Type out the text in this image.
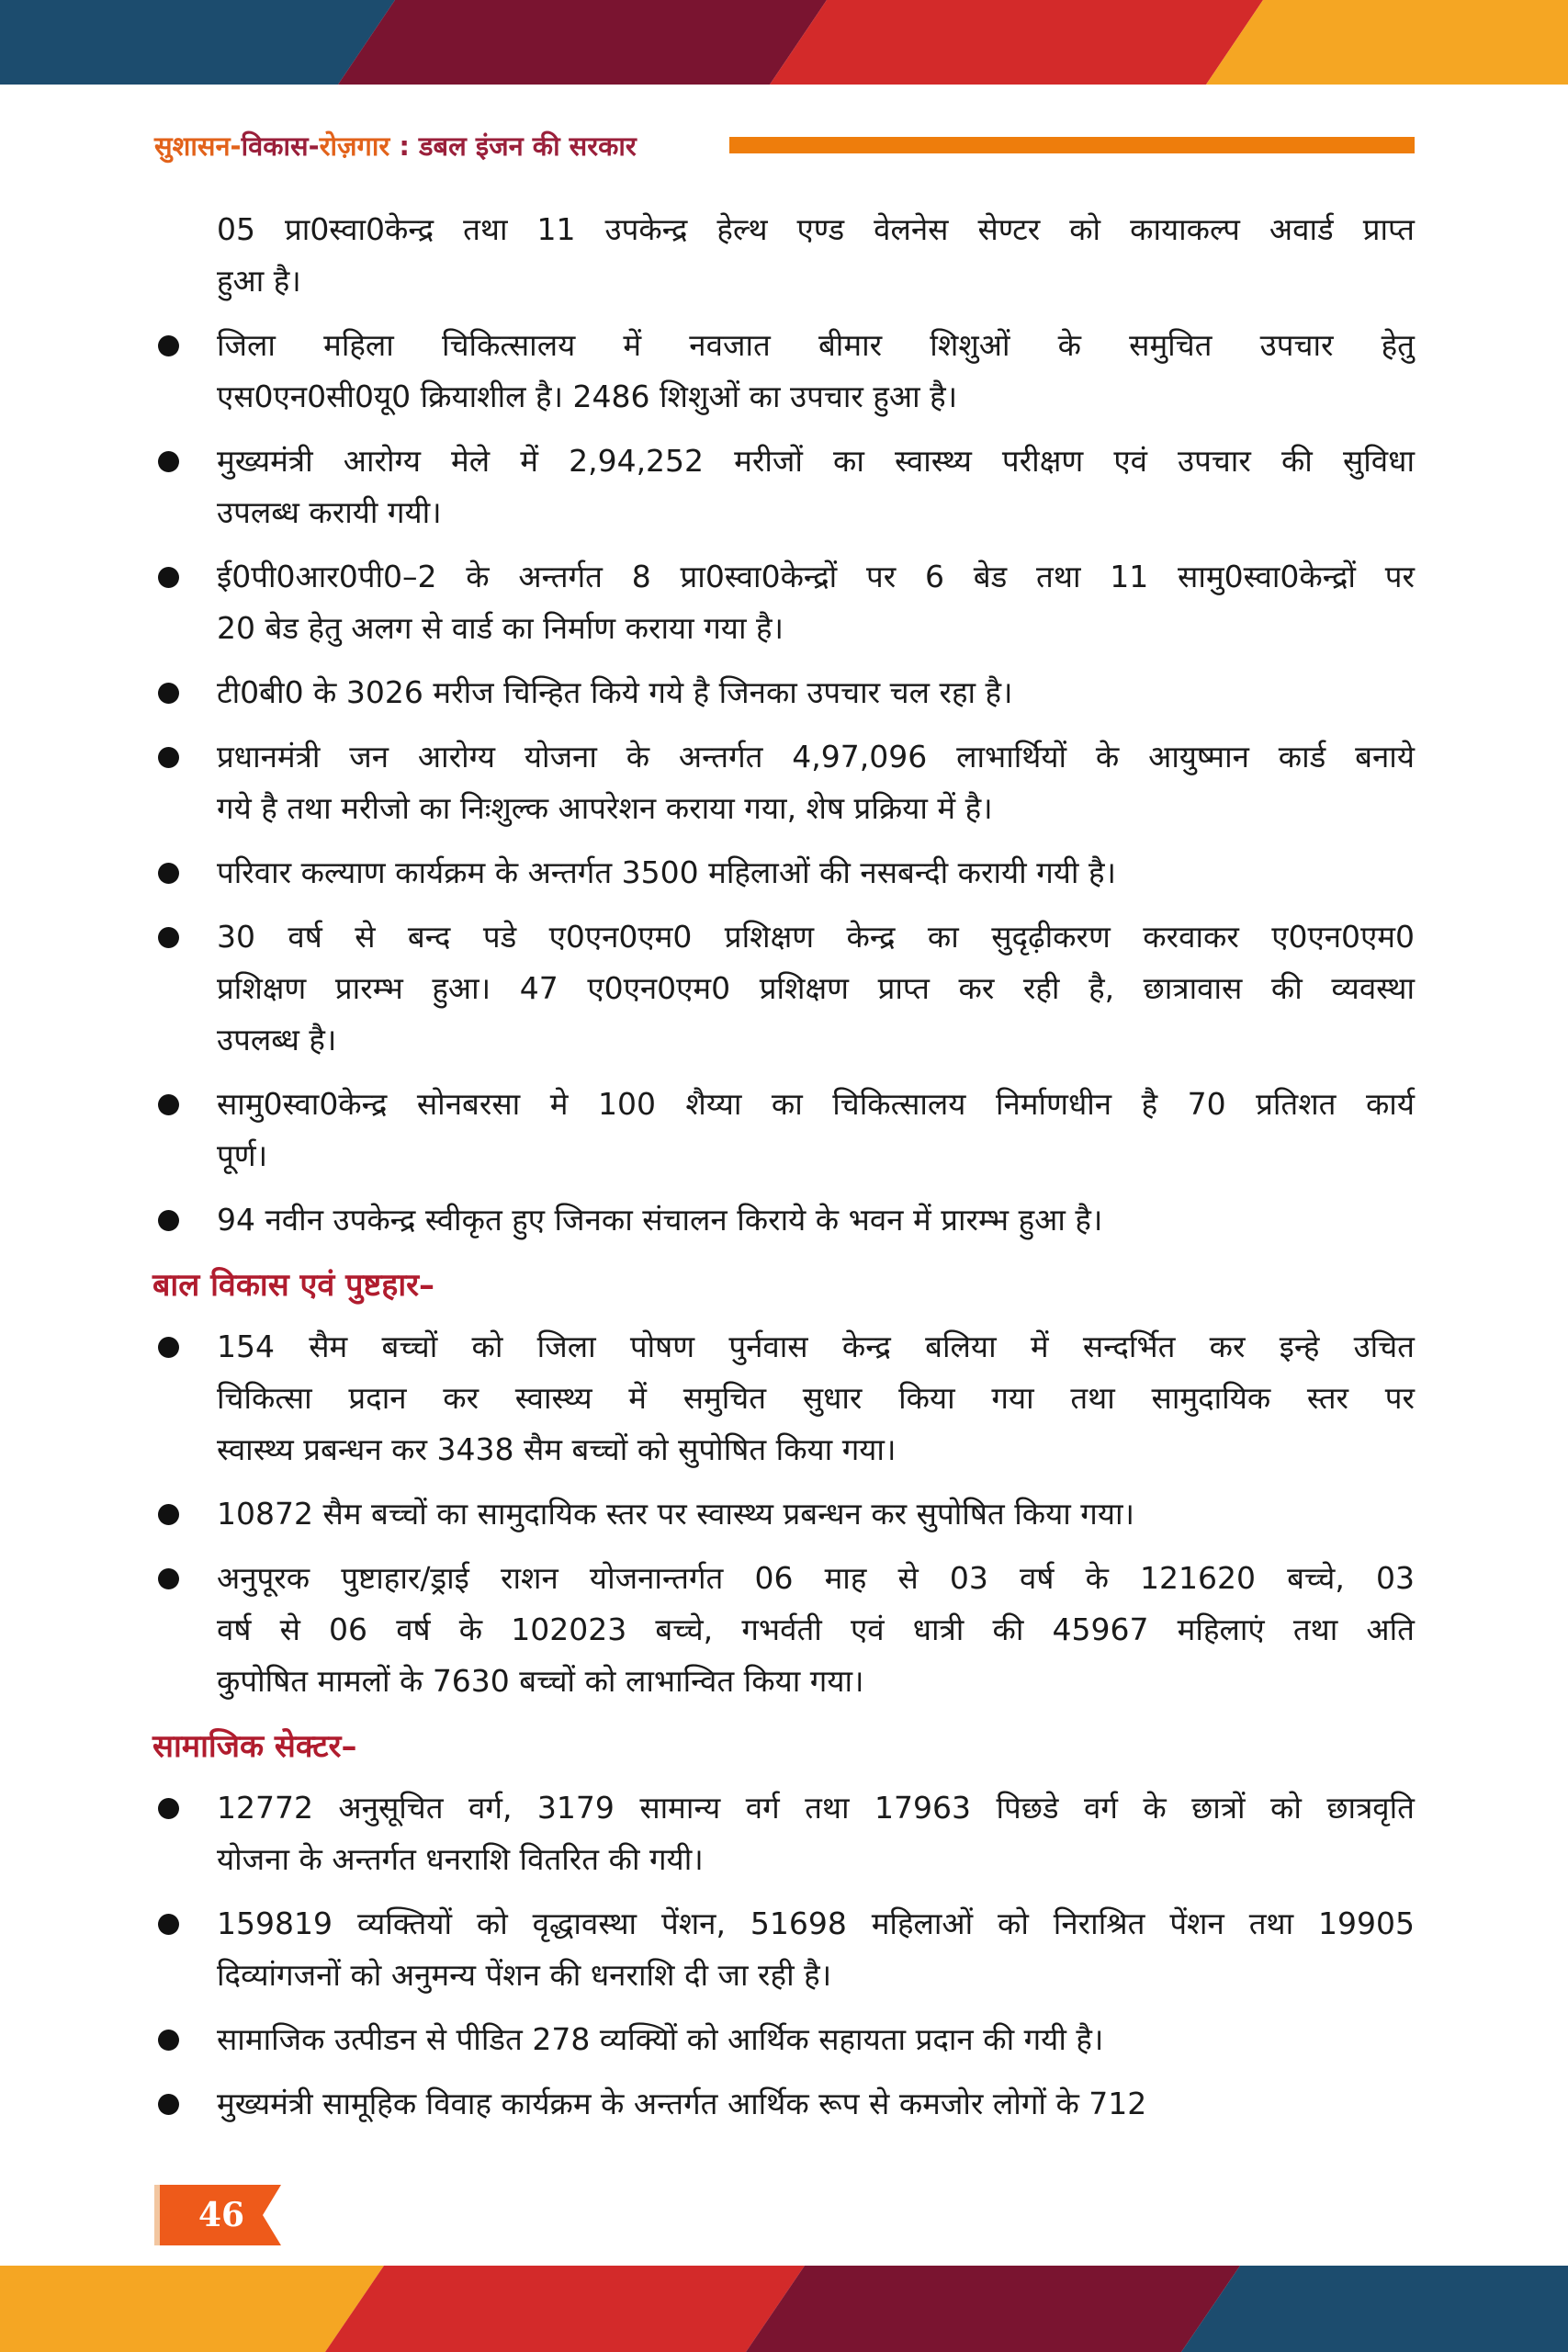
सुशासन-विकास-रोज़गार : डबल इंजन की सरकार
05 प्रा0स्वा0केन्द्र तथा 11 उपकेन्द्र हेल्थ एण्ड वेलनेस सेण्टर को कायाकल्प अवार्ड प्राप्त
हुआ है।
जिला महिला चिकित्सालय में नवजात बीमार शिशुओं के समुचित उपचार हेतु
एस0एन0सी0यू0 क्रियाशील है। 2486 शिशुओं का उपचार हुआ है।
मुख्यमंत्री आरोग्य मेले में 2,94,252 मरीजों का स्वास्थ्य परीक्षण एवं उपचार की सुविधा
उपलब्ध करायी गयी।
ई0पी0आर0पी0–2 के अन्तर्गत 8 प्रा0स्वा0केन्द्रों पर 6 बेड तथा 11 सामु0स्वा0केन्द्रों पर
20 बेड हेतु अलग से वार्ड का निर्माण कराया गया है।
टी0बी0 के 3026 मरीज चिन्हित किये गये है जिनका उपचार चल रहा है।
प्रधानमंत्री जन आरोग्य योजना के अन्तर्गत 4,97,096 लाभार्थियों के आयुष्मान कार्ड बनाये
गये है तथा मरीजो का निःशुल्क आपरेशन कराया गया, शेष प्रक्रिया में है।
परिवार कल्याण कार्यक्रम के अन्तर्गत 3500 महिलाओं की नसबन्दी करायी गयी है।
30 वर्ष से बन्द पडे ए0एन0एम0 प्रशिक्षण केन्द्र का सुदृढ़ीकरण करवाकर ए0एन0एम0
प्रशिक्षण प्रारम्भ हुआ। 47 ए0एन0एम0 प्रशिक्षण प्राप्त कर रही है, छात्रावास की व्यवस्था
उपलब्ध है।
सामु0स्वा0केन्द्र सोनबरसा मे 100 शैय्या का चिकित्सालय निर्माणधीन है 70 प्रतिशत कार्य
पूर्ण।
94 नवीन उपकेन्द्र स्वीकृत हुए जिनका संचालन किराये के भवन में प्रारम्भ हुआ है।
बाल विकास एवं पुष्टहार–
154 सैम बच्चों को जिला पोषण पुर्नवास केन्द्र बलिया में सन्दर्भित कर इन्हे उचित
चिकित्सा प्रदान कर स्वास्थ्य में समुचित सुधार किया गया तथा सामुदायिक स्तर पर
स्वास्थ्य प्रबन्धन कर 3438 सैम बच्चों को सुपोषित किया गया।
10872 सैम बच्चों का सामुदायिक स्तर पर स्वास्थ्य प्रबन्धन कर सुपोषित किया गया।
अनुपूरक पुष्टाहार/ड्राई राशन योजनान्तर्गत 06 माह से 03 वर्ष के 121620 बच्चे, 03
वर्ष से 06 वर्ष के 102023 बच्चे, गभर्वती एवं धात्री की 45967 महिलाएं तथा अति
कुपोषित मामलों के 7630 बच्चों को लाभान्वित किया गया।
सामाजिक सेक्टर–
12772 अनुसूचित वर्ग, 3179 सामान्य वर्ग तथा 17963 पिछडे वर्ग के छात्रों को छात्रवृति
योजना के अन्तर्गत धनराशि वितरित की गयी।
159819 व्यक्तियों को वृद्धावस्था पेंशन, 51698 महिलाओं को निराश्रित पेंशन तथा 19905
दिव्यांगजनों को अनुमन्य पेंशन की धनराशि दी जा रही है।
सामाजिक उत्पीडन से पीडित 278 व्यक्यिों को आर्थिक सहायता प्रदान की गयी है।
मुख्यमंत्री सामूहिक विवाह कार्यक्रम के अन्तर्गत आर्थिक रूप से कमजोर लोगों के 712
46
